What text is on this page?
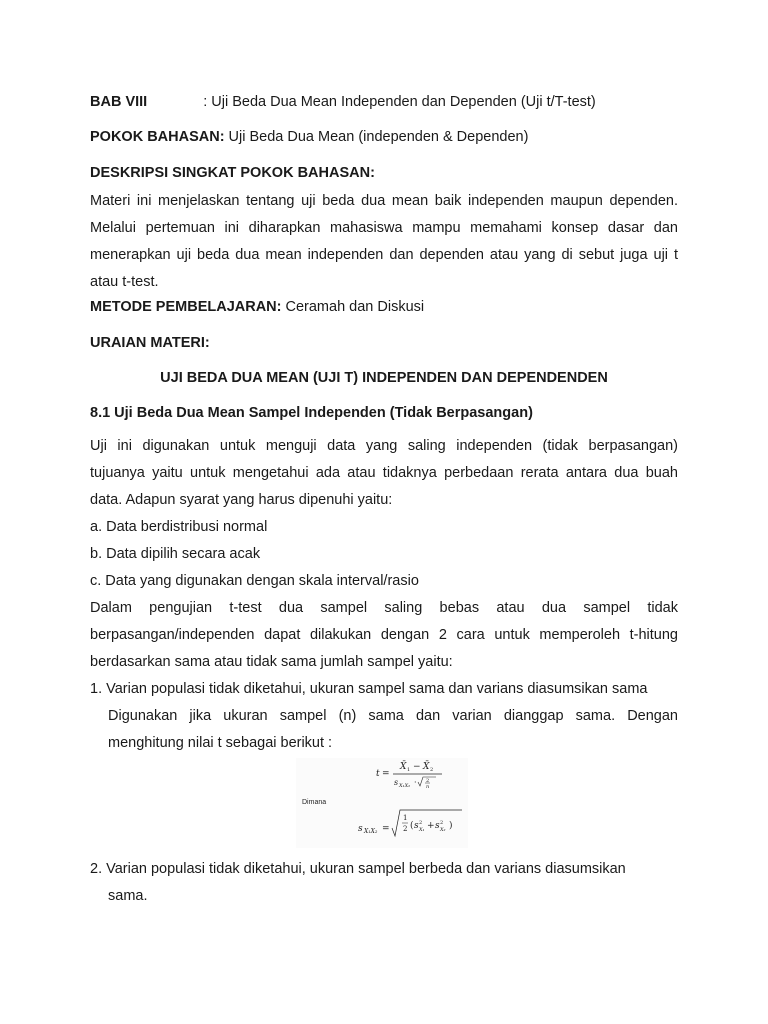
BAB VIII	: Uji Beda Dua Mean Independen dan Dependen (Uji t/T-test)
POKOK BAHASAN: Uji Beda Dua Mean (independen & Dependen)
DESKRIPSI SINGKAT POKOK BAHASAN:
Materi ini menjelaskan tentang uji beda dua mean baik independen maupun dependen.
Melalui pertemuan ini diharapkan mahasiswa mampu memahami konsep dasar dan
menerapkan uji beda dua mean independen dan dependen atau yang di sebut juga uji t
atau t-test.
METODE PEMBELAJARAN: Ceramah dan Diskusi
URAIAN MATERI:
UJI BEDA DUA MEAN (UJI T) INDEPENDEN DAN DEPENDENDEN
8.1 Uji Beda Dua Mean Sampel Independen (Tidak Berpasangan)
Uji ini digunakan untuk menguji data yang saling independen (tidak berpasangan)
tujuanya yaitu untuk mengetahui ada atau tidaknya perbedaan rerata antara dua buah
data. Adapun syarat yang harus dipenuhi yaitu:
a. Data berdistribusi normal
b. Data dipilih secara acak
c. Data yang digunakan dengan skala interval/rasio
Dalam pengujian t-test dua sampel saling bebas atau dua sampel tidak
berpasangan/independen dapat dilakukan dengan 2 cara untuk memperoleh t-hitung
berdasarkan sama atau tidak sama jumlah sampel yaitu:
1. Varian populasi tidak diketahui, ukuran sampel sama dan varians diasumsikan sama
Digunakan jika ukuran sampel (n) sama dan varian dianggap sama. Dengan
menghitung nilai t sebagai berikut :
t =
X̄ 1 − X̄ 2
s X₁X₂ · 2
n
Dimana
s X₁X₂ =
1
2 ( s 2
X₁ + s 2
X₂ )
2. Varian populasi tidak diketahui, ukuran sampel berbeda dan varians diasumsikan
sama.
